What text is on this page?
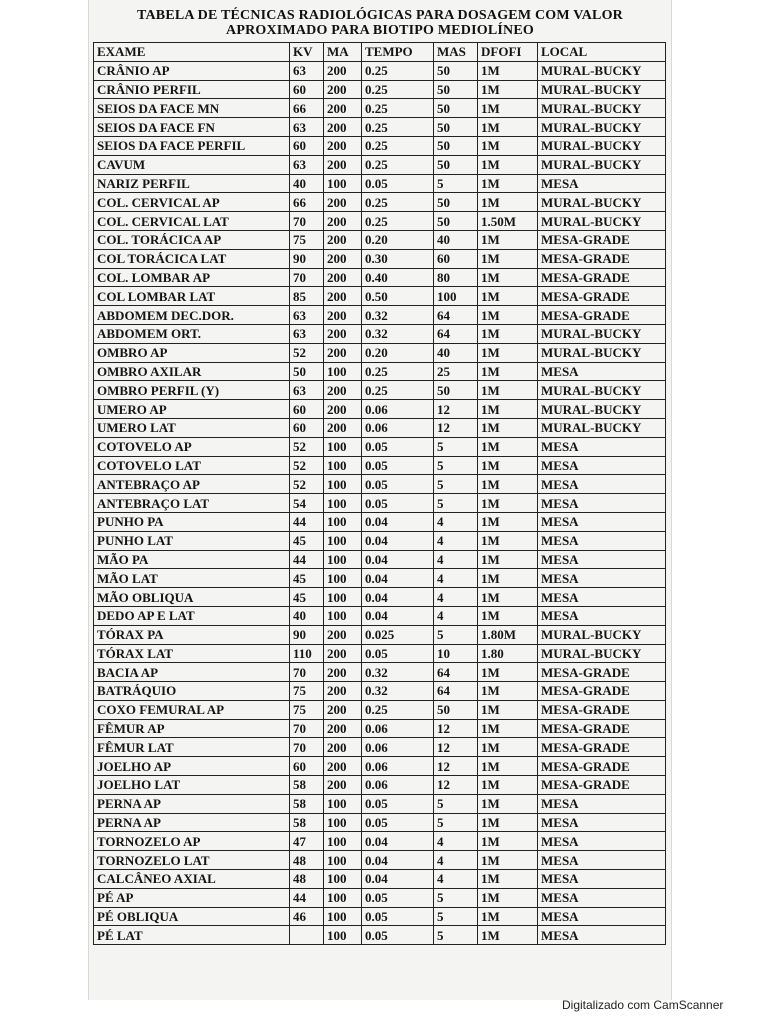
TABELA DE TÉCNICAS RADIOLÓGICAS PARA DOSAGEM COM VALOR
APROXIMADO PARA BIOTIPO MEDIOLÍNEO
EXAME	KV	MA	TEMPO	MAS	DFOFI	LOCAL
CRÂNIO AP	63	200	0.25	50	1M	MURAL-BUCKY
CRÂNIO PERFIL	60	200	0.25	50	1M	MURAL-BUCKY
SEIOS DA FACE MN	66	200	0.25	50	1M	MURAL-BUCKY
SEIOS DA FACE FN	63	200	0.25	50	1M	MURAL-BUCKY
SEIOS DA FACE PERFIL	60	200	0.25	50	1M	MURAL-BUCKY
CAVUM	63	200	0.25	50	1M	MURAL-BUCKY
NARIZ PERFIL	40	100	0.05	5	1M	MESA
COL. CERVICAL AP	66	200	0.25	50	1M	MURAL-BUCKY
COL. CERVICAL LAT	70	200	0.25	50	1.50M	MURAL-BUCKY
COL. TORÁCICA AP	75	200	0.20	40	1M	MESA-GRADE
COL TORÁCICA LAT	90	200	0.30	60	1M	MESA-GRADE
COL. LOMBAR AP	70	200	0.40	80	1M	MESA-GRADE
COL LOMBAR LAT	85	200	0.50	100	1M	MESA-GRADE
ABDOMEM DEC.DOR.	63	200	0.32	64	1M	MESA-GRADE
ABDOMEM ORT.	63	200	0.32	64	1M	MURAL-BUCKY
OMBRO AP	52	200	0.20	40	1M	MURAL-BUCKY
OMBRO AXILAR	50	100	0.25	25	1M	MESA
OMBRO PERFIL (Y)	63	200	0.25	50	1M	MURAL-BUCKY
UMERO AP	60	200	0.06	12	1M	MURAL-BUCKY
UMERO LAT	60	200	0.06	12	1M	MURAL-BUCKY
COTOVELO AP	52	100	0.05	5	1M	MESA
COTOVELO LAT	52	100	0.05	5	1M	MESA
ANTEBRAÇO AP	52	100	0.05	5	1M	MESA
ANTEBRAÇO LAT	54	100	0.05	5	1M	MESA
PUNHO PA	44	100	0.04	4	1M	MESA
PUNHO LAT	45	100	0.04	4	1M	MESA
MÃO PA	44	100	0.04	4	1M	MESA
MÃO LAT	45	100	0.04	4	1M	MESA
MÃO OBLIQUA	45	100	0.04	4	1M	MESA
DEDO AP E LAT	40	100	0.04	4	1M	MESA
TÓRAX PA	90	200	0.025	5	1.80M	MURAL-BUCKY
TÓRAX LAT	110	200	0.05	10	1.80	MURAL-BUCKY
BACIA AP	70	200	0.32	64	1M	MESA-GRADE
BATRÁQUIO	75	200	0.32	64	1M	MESA-GRADE
COXO FEMURAL AP	75	200	0.25	50	1M	MESA-GRADE
FÊMUR AP	70	200	0.06	12	1M	MESA-GRADE
FÊMUR LAT	70	200	0.06	12	1M	MESA-GRADE
JOELHO AP	60	200	0.06	12	1M	MESA-GRADE
JOELHO LAT	58	200	0.06	12	1M	MESA-GRADE
PERNA AP	58	100	0.05	5	1M	MESA
PERNA AP	58	100	0.05	5	1M	MESA
TORNOZELO AP	47	100	0.04	4	1M	MESA
TORNOZELO LAT	48	100	0.04	4	1M	MESA
CALCÂNEO AXIAL	48	100	0.04	4	1M	MESA
PÉ AP	44	100	0.05	5	1M	MESA
PÉ OBLIQUA	46	100	0.05	5	1M	MESA
PÉ LAT		100	0.05	5	1M	MESA
Digitalizado com CamScanner
